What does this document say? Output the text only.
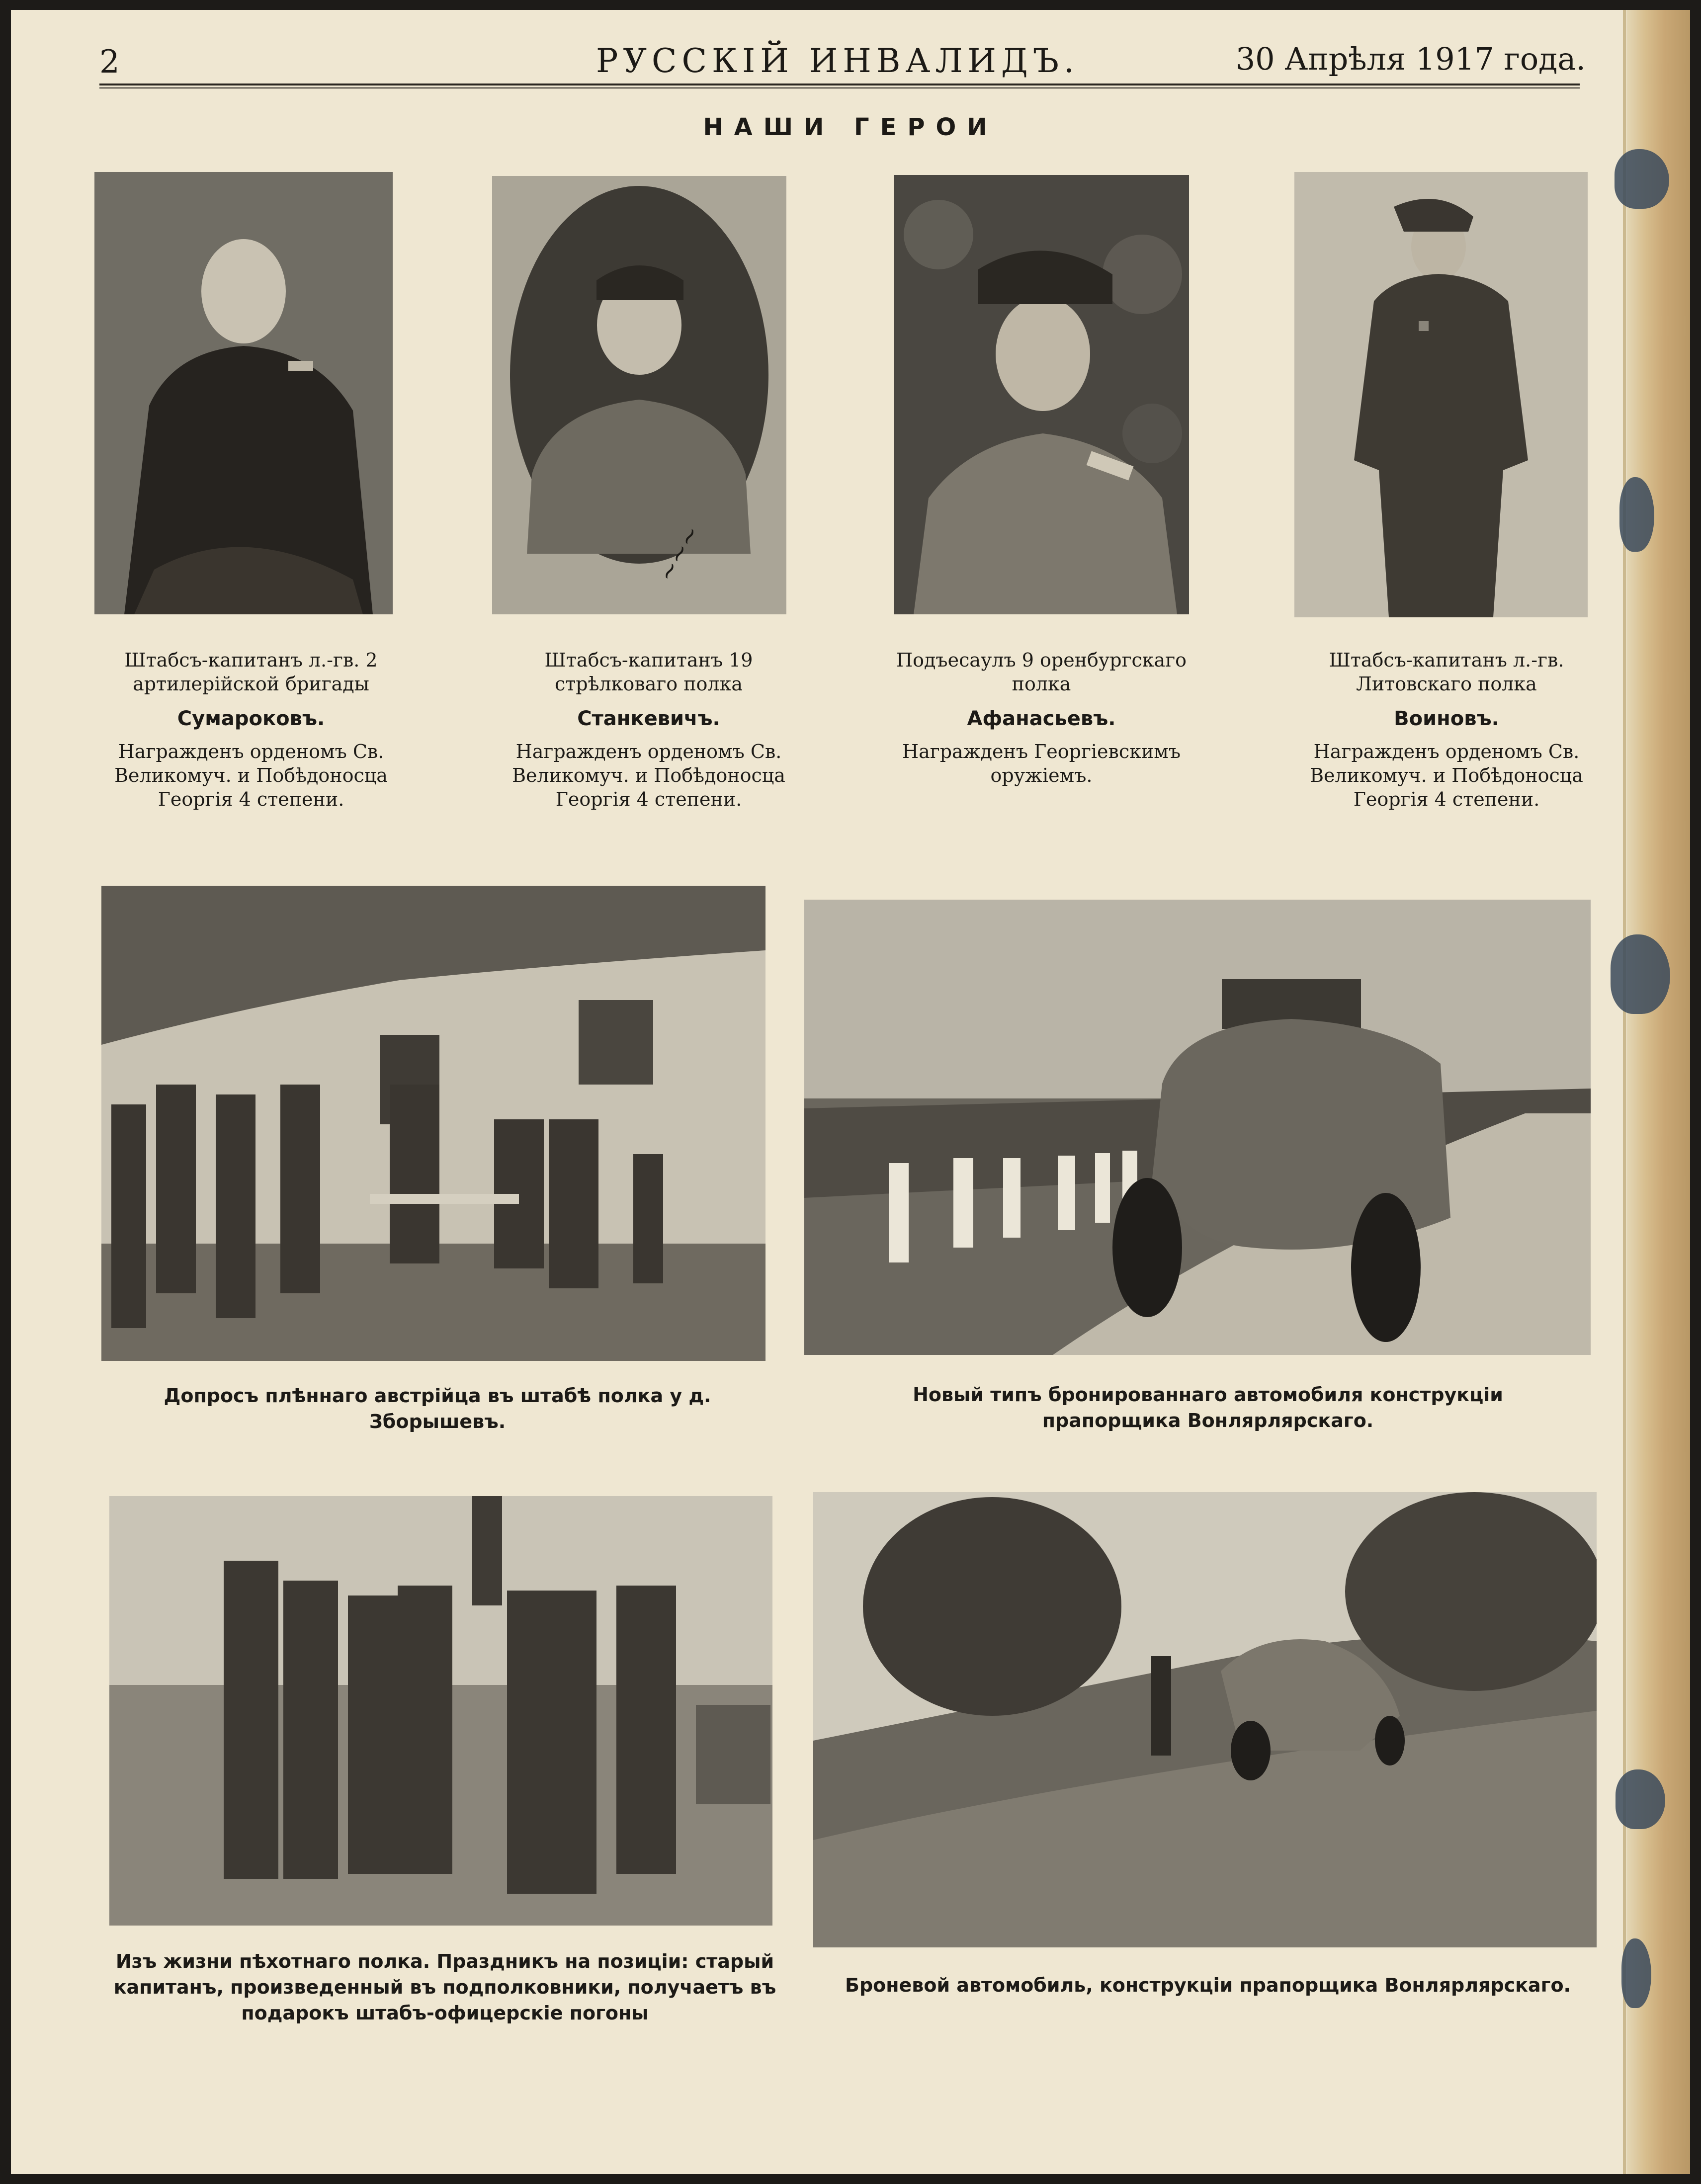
2	РУССКІЙ ИНВАЛИДЪ.	30 Апрѣля 1917 года.
НАШИ ГЕРОИ
~~~
Штабсъ-капитанъ л.-гв. 2 артилерійской бригады
Сумароковъ.
Награжденъ орденомъ Св. Великомуч. и Побѣдоносца Георгія 4 степени.
Штабсъ-капитанъ 19 стрѣлковаго полка
Станкевичъ.
Награжденъ орденомъ Св. Великомуч. и Побѣдоносца Георгія 4 степени.
Подъесаулъ 9 оренбургскаго полка
Афанасьевъ.
Награжденъ Георгіевскимъ оружіемъ.
Штабсъ-капитанъ л.-гв. Литовскаго полка
Воиновъ.
Награжденъ орденомъ Св. Великомуч. и Побѣдоносца Георгія 4 степени.
Допросъ плѣннаго австрійца въ штабѣ полка у д. Зборышевъ.
Новый типъ бронированнаго автомобиля конструкціи прапорщика Вонлярлярскаго.
Изъ жизни пѣхотнаго полка. Праздникъ на позиціи: старый капитанъ, произведенный въ подполковники, получаетъ въ подарокъ штабъ-офицерскіе погоны
Броневой автомобиль, конструкціи прапорщика Вонлярлярскаго.
